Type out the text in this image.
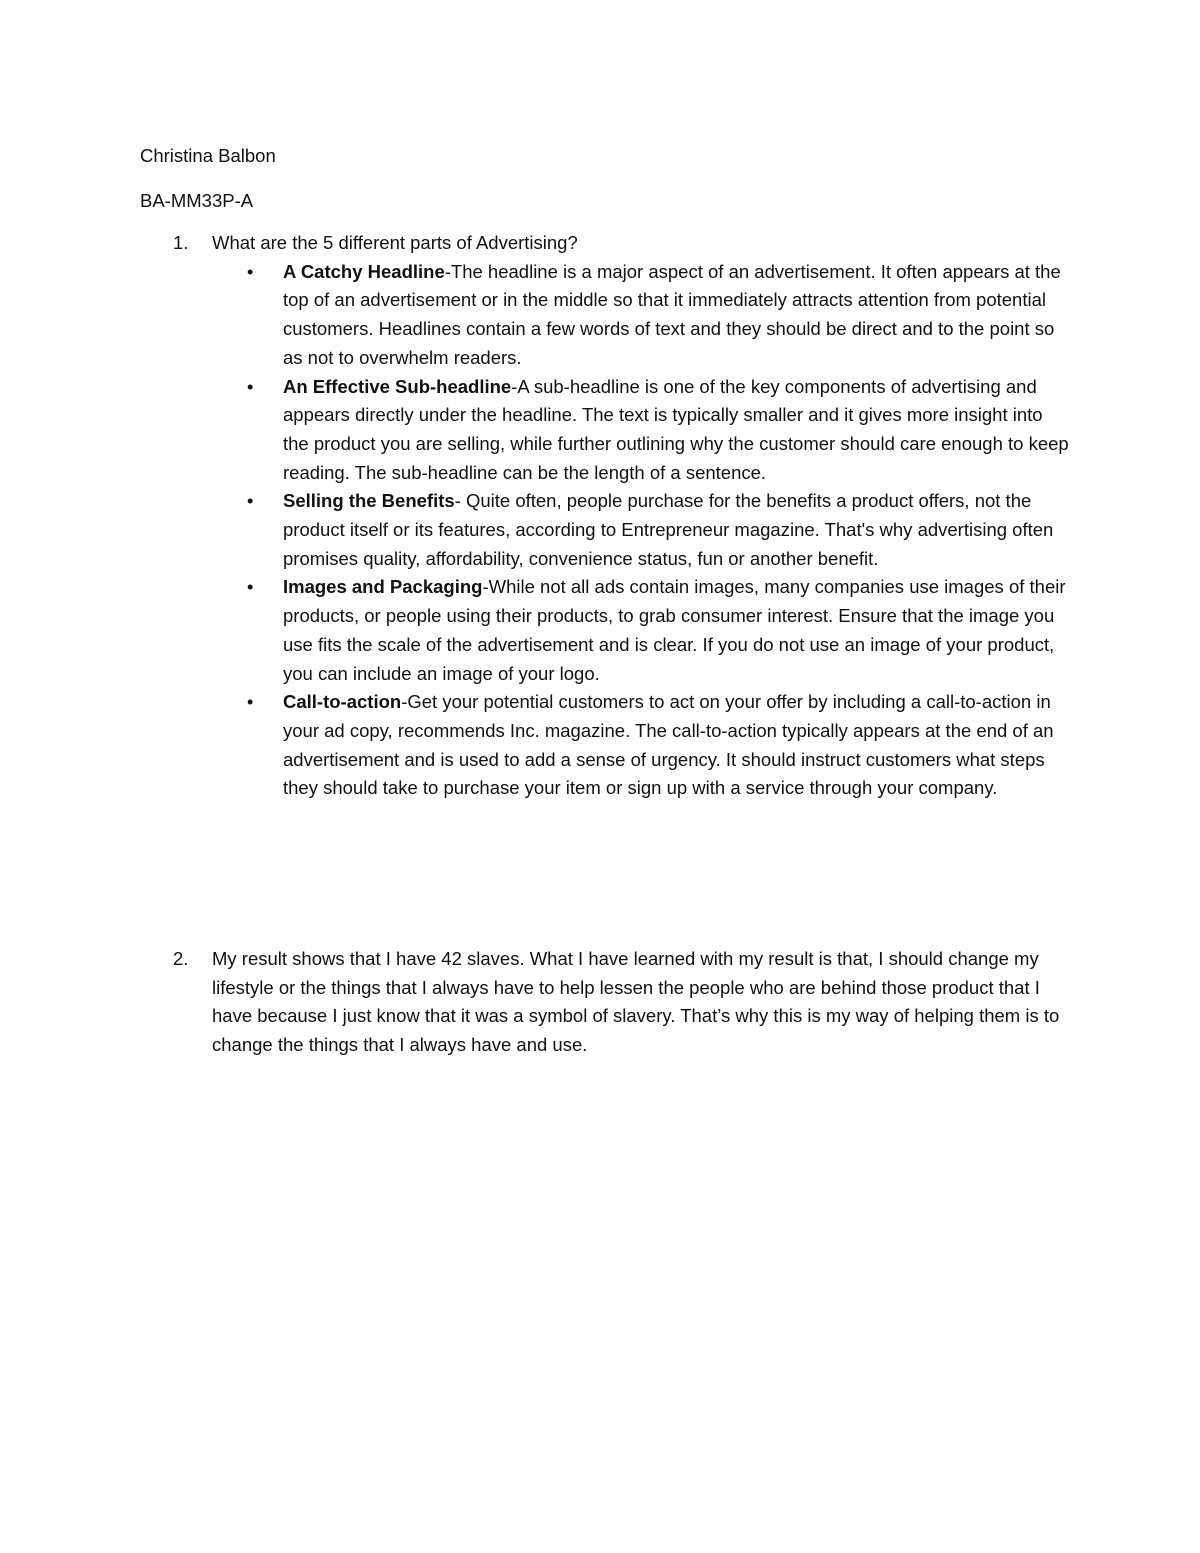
Christina Balbon
BA-MM33P-A
1. What are the 5 different parts of Advertising?
• A Catchy Headline-The headline is a major aspect of an advertisement. It often appears at the top of an advertisement or in the middle so that it immediately attracts attention from potential customers. Headlines contain a few words of text and they should be direct and to the point so as not to overwhelm readers.
• An Effective Sub-headline-A sub-headline is one of the key components of advertising and appears directly under the headline. The text is typically smaller and it gives more insight into the product you are selling, while further outlining why the customer should care enough to keep reading. The sub-headline can be the length of a sentence.
• Selling the Benefits- Quite often, people purchase for the benefits a product offers, not the product itself or its features, according to Entrepreneur magazine. That's why advertising often promises quality, affordability, convenience status, fun or another benefit.
• Images and Packaging-While not all ads contain images, many companies use images of their products, or people using their products, to grab consumer interest. Ensure that the image you use fits the scale of the advertisement and is clear. If you do not use an image of your product, you can include an image of your logo.
• Call-to-action-Get your potential customers to act on your offer by including a call-to-action in your ad copy, recommends Inc. magazine. The call-to-action typically appears at the end of an advertisement and is used to add a sense of urgency. It should instruct customers what steps they should take to purchase your item or sign up with a service through your company.
2. My result shows that I have 42 slaves. What I have learned with my result is that, I should change my lifestyle or the things that I always have to help lessen the people who are behind those product that I have because I just know that it was a symbol of slavery. That’s why this is my way of helping them is to change the things that I always have and use.
